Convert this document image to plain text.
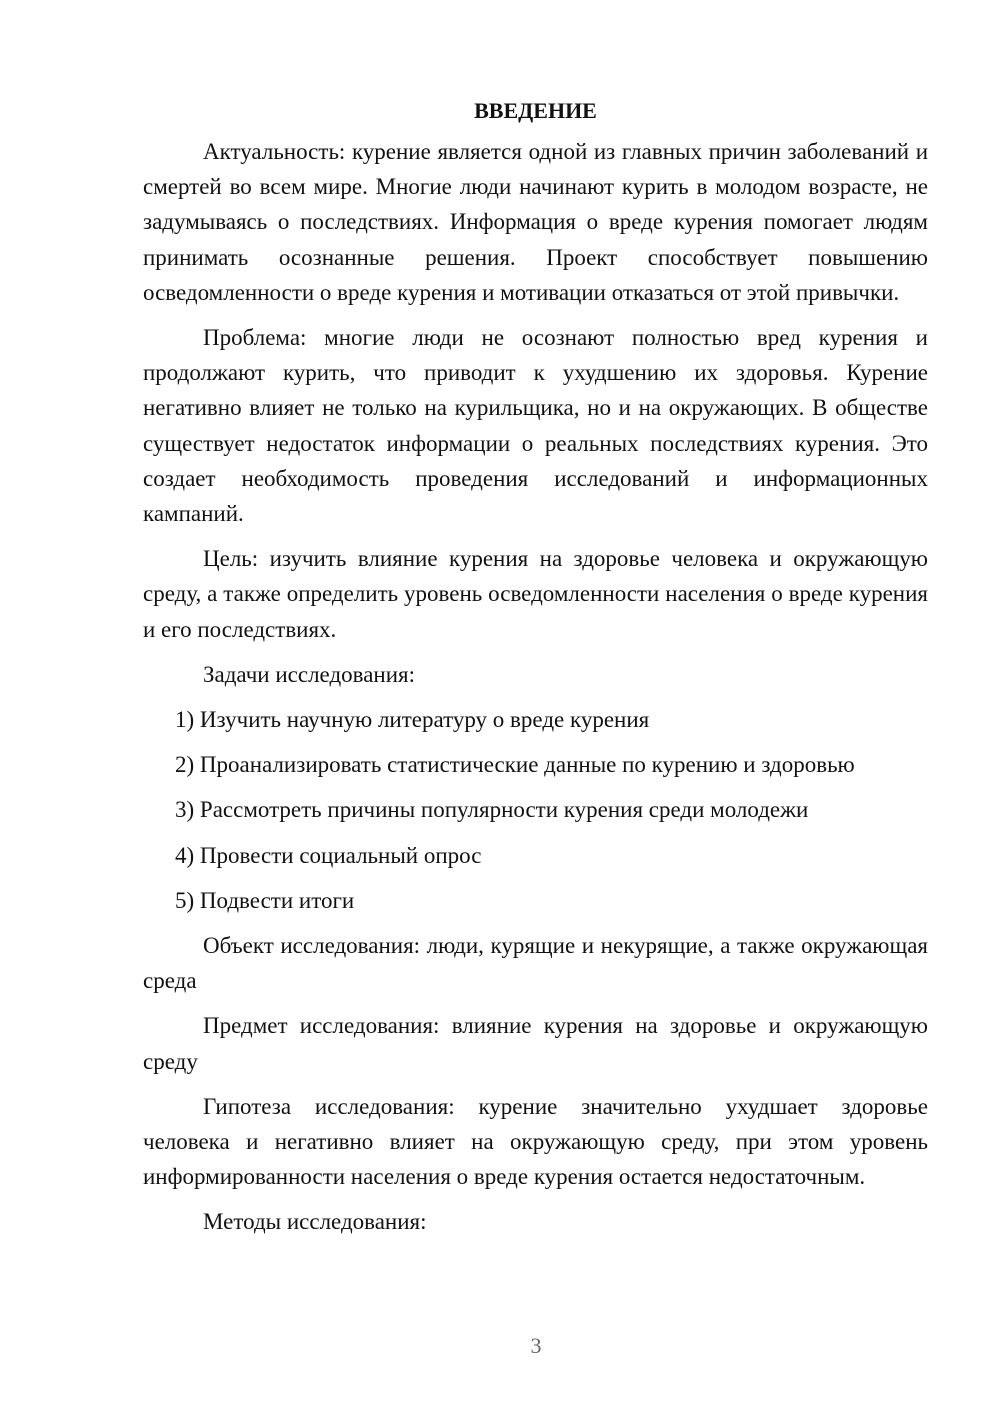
ВВЕДЕНИЕ

Актуальность: курение является одной из главных причин заболеваний и смертей во всем мире. Многие люди начинают курить в молодом возрасте, не задумываясь о последствиях. Информация о вреде курения помогает людям принимать осознанные решения. Проект способствует повышению осведомленности о вреде курения и мотивации отказаться от этой привычки.

Проблема: многие люди не осознают полностью вред курения и продолжают курить, что приводит к ухудшению их здоровья. Курение негативно влияет не только на курильщика, но и на окружающих. В обществе существует недостаток информации о реальных последствиях курения. Это создает необходимость проведения исследований и информационных кампаний.

Цель: изучить влияние курения на здоровье человека и окружающую среду, а также определить уровень осведомленности населения о вреде курения и его последствиях.

Задачи исследования:

1) Изучить научную литературу о вреде курения
2) Проанализировать статистические данные по курению и здоровью
3) Рассмотреть причины популярности курения среди молодежи
4) Провести социальный опрос
5) Подвести итоги

Объект исследования: люди, курящие и некурящие, а также окружающая среда

Предмет исследования: влияние курения на здоровье и окружающую среду

Гипотеза исследования: курение значительно ухудшает здоровье человека и негативно влияет на окружающую среду, при этом уровень информированности населения о вреде курения остается недостаточным.

Методы исследования:

3
